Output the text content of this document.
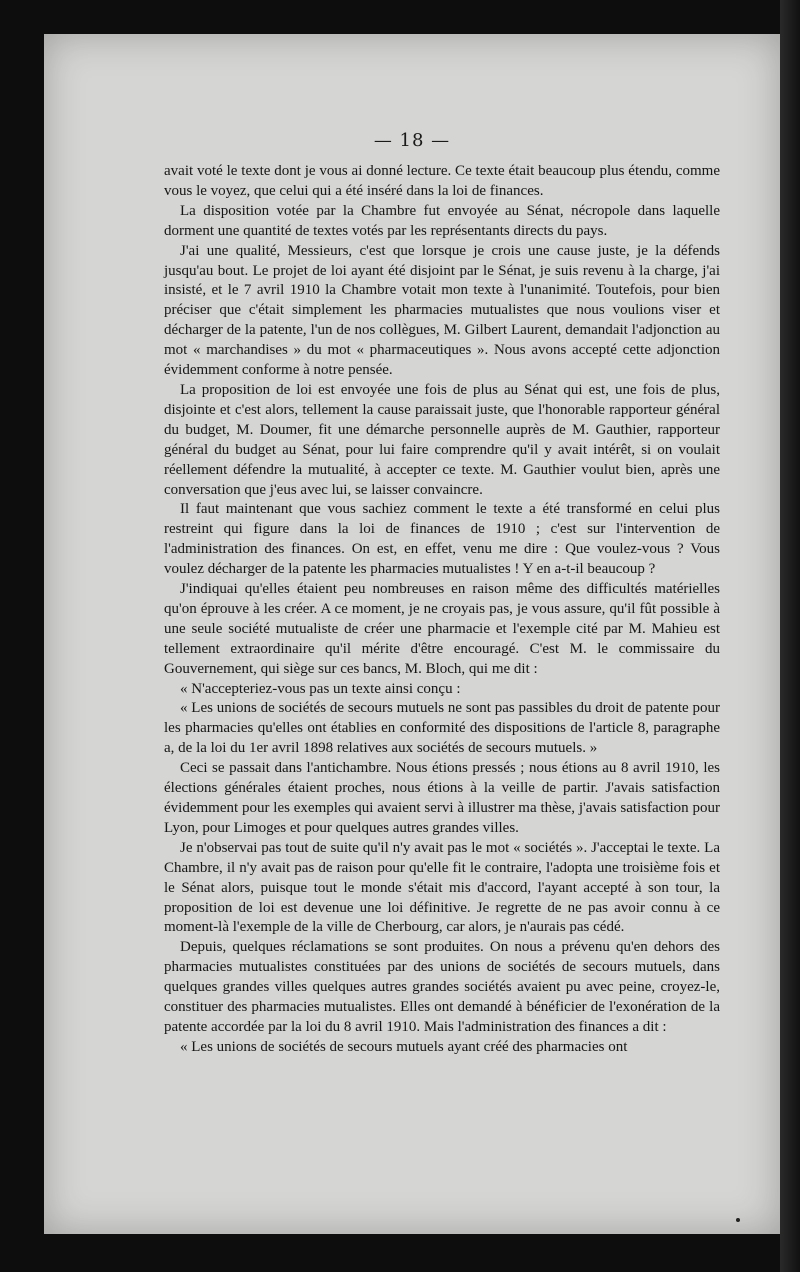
— 18 —

avait voté le texte dont je vous ai donné lecture. Ce texte était beaucoup plus étendu, comme vous le voyez, que celui qui a été inséré dans la loi de finances.

La disposition votée par la Chambre fut envoyée au Sénat, nécropole dans laquelle dorment une quantité de textes votés par les représentants directs du pays.

J'ai une qualité, Messieurs, c'est que lorsque je crois une cause juste, je la défends jusqu'au bout. Le projet de loi ayant été disjoint par le Sénat, je suis revenu à la charge, j'ai insisté, et le 7 avril 1910 la Chambre votait mon texte à l'unanimité. Toutefois, pour bien préciser que c'était simplement les pharmacies mutualistes que nous voulions viser et décharger de la patente, l'un de nos collègues, M. Gilbert Laurent, demandait l'adjonction au mot « marchandises » du mot « pharmaceutiques ». Nous avons accepté cette adjonction évidemment conforme à notre pensée.

La proposition de loi est envoyée une fois de plus au Sénat qui est, une fois de plus, disjointe et c'est alors, tellement la cause paraissait juste, que l'honorable rapporteur général du budget, M. Doumer, fit une démarche personnelle auprès de M. Gauthier, rapporteur général du budget au Sénat, pour lui faire comprendre qu'il y avait intérêt, si on voulait réellement défendre la mutualité, à accepter ce texte. M. Gauthier voulut bien, après une conversation que j'eus avec lui, se laisser convaincre.

Il faut maintenant que vous sachiez comment le texte a été transformé en celui plus restreint qui figure dans la loi de finances de 1910 ; c'est sur l'intervention de l'administration des finances. On est, en effet, venu me dire : Que voulez-vous ? Vous voulez décharger de la patente les pharmacies mutualistes ! Y en a-t-il beaucoup ?

J'indiquai qu'elles étaient peu nombreuses en raison même des difficultés matérielles qu'on éprouve à les créer. A ce moment, je ne croyais pas, je vous assure, qu'il fût possible à une seule société mutualiste de créer une pharmacie et l'exemple cité par M. Mahieu est tellement extraordinaire qu'il mérite d'être encouragé. C'est M. le commissaire du Gouvernement, qui siège sur ces bancs, M. Bloch, qui me dit :

« N'accepteriez-vous pas un texte ainsi conçu :

« Les unions de sociétés de secours mutuels ne sont pas passibles du droit de patente pour les pharmacies qu'elles ont établies en conformité des dispositions de l'article 8, paragraphe a, de la loi du 1er avril 1898 relatives aux sociétés de secours mutuels. »

Ceci se passait dans l'antichambre. Nous étions pressés ; nous étions au 8 avril 1910, les élections générales étaient proches, nous étions à la veille de partir. J'avais satisfaction évidemment pour les exemples qui avaient servi à illustrer ma thèse, j'avais satisfaction pour Lyon, pour Limoges et pour quelques autres grandes villes.

Je n'observai pas tout de suite qu'il n'y avait pas le mot « sociétés ». J'acceptai le texte. La Chambre, il n'y avait pas de raison pour qu'elle fit le contraire, l'adopta une troisième fois et le Sénat alors, puisque tout le monde s'était mis d'accord, l'ayant accepté à son tour, la proposition de loi est devenue une loi définitive. Je regrette de ne pas avoir connu à ce moment-là l'exemple de la ville de Cherbourg, car alors, je n'aurais pas cédé.

Depuis, quelques réclamations se sont produites. On nous a prévenu qu'en dehors des pharmacies mutualistes constituées par des unions de sociétés de secours mutuels, dans quelques grandes villes quelques autres grandes sociétés avaient pu avec peine, croyez-le, constituer des pharmacies mutualistes. Elles ont demandé à bénéficier de l'exonération de la patente accordée par la loi du 8 avril 1910. Mais l'administration des finances a dit :

« Les unions de sociétés de secours mutuels ayant créé des pharmacies ont
